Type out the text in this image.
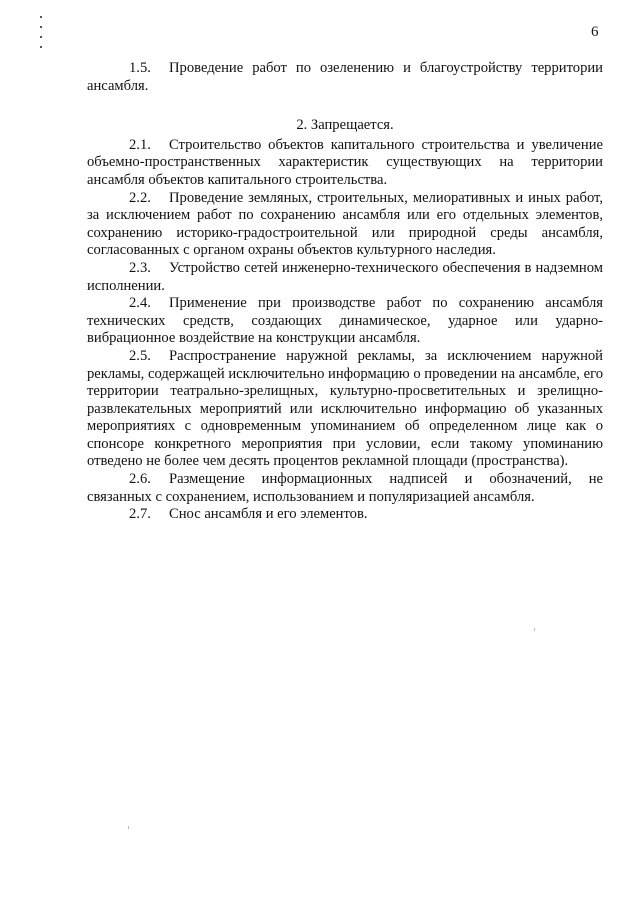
6

1.5. Проведение работ по озеленению и благоустройству территории ансамбля.

2. Запрещается.

2.1. Строительство объектов капитального строительства и увеличение объемно-пространственных характеристик существующих на территории ансамбля объектов капитального строительства.

2.2. Проведение земляных, строительных, мелиоративных и иных работ, за исключением работ по сохранению ансамбля или его отдельных элементов, сохранению историко-градостроительной или природной среды ансамбля, согласованных с органом охраны объектов культурного наследия.

2.3. Устройство сетей инженерно-технического обеспечения в надземном исполнении.

2.4. Применение при производстве работ по сохранению ансамбля технических средств, создающих динамическое, ударное или ударно-вибрационное воздействие на конструкции ансамбля.

2.5. Распространение наружной рекламы, за исключением наружной рекламы, содержащей исключительно информацию о проведении на ансамбле, его территории театрально-зрелищных, культурно-просветительных и зрелищно-развлекательных мероприятий или исключительно информацию об указанных мероприятиях с одновременным упоминанием об определенном лице как о спонсоре конкретного мероприятия при условии, если такому упоминанию отведено не более чем десять процентов рекламной площади (пространства).

2.6. Размещение информационных надписей и обозначений, не связанных с сохранением, использованием и популяризацией ансамбля.

2.7. Снос ансамбля и его элементов.
